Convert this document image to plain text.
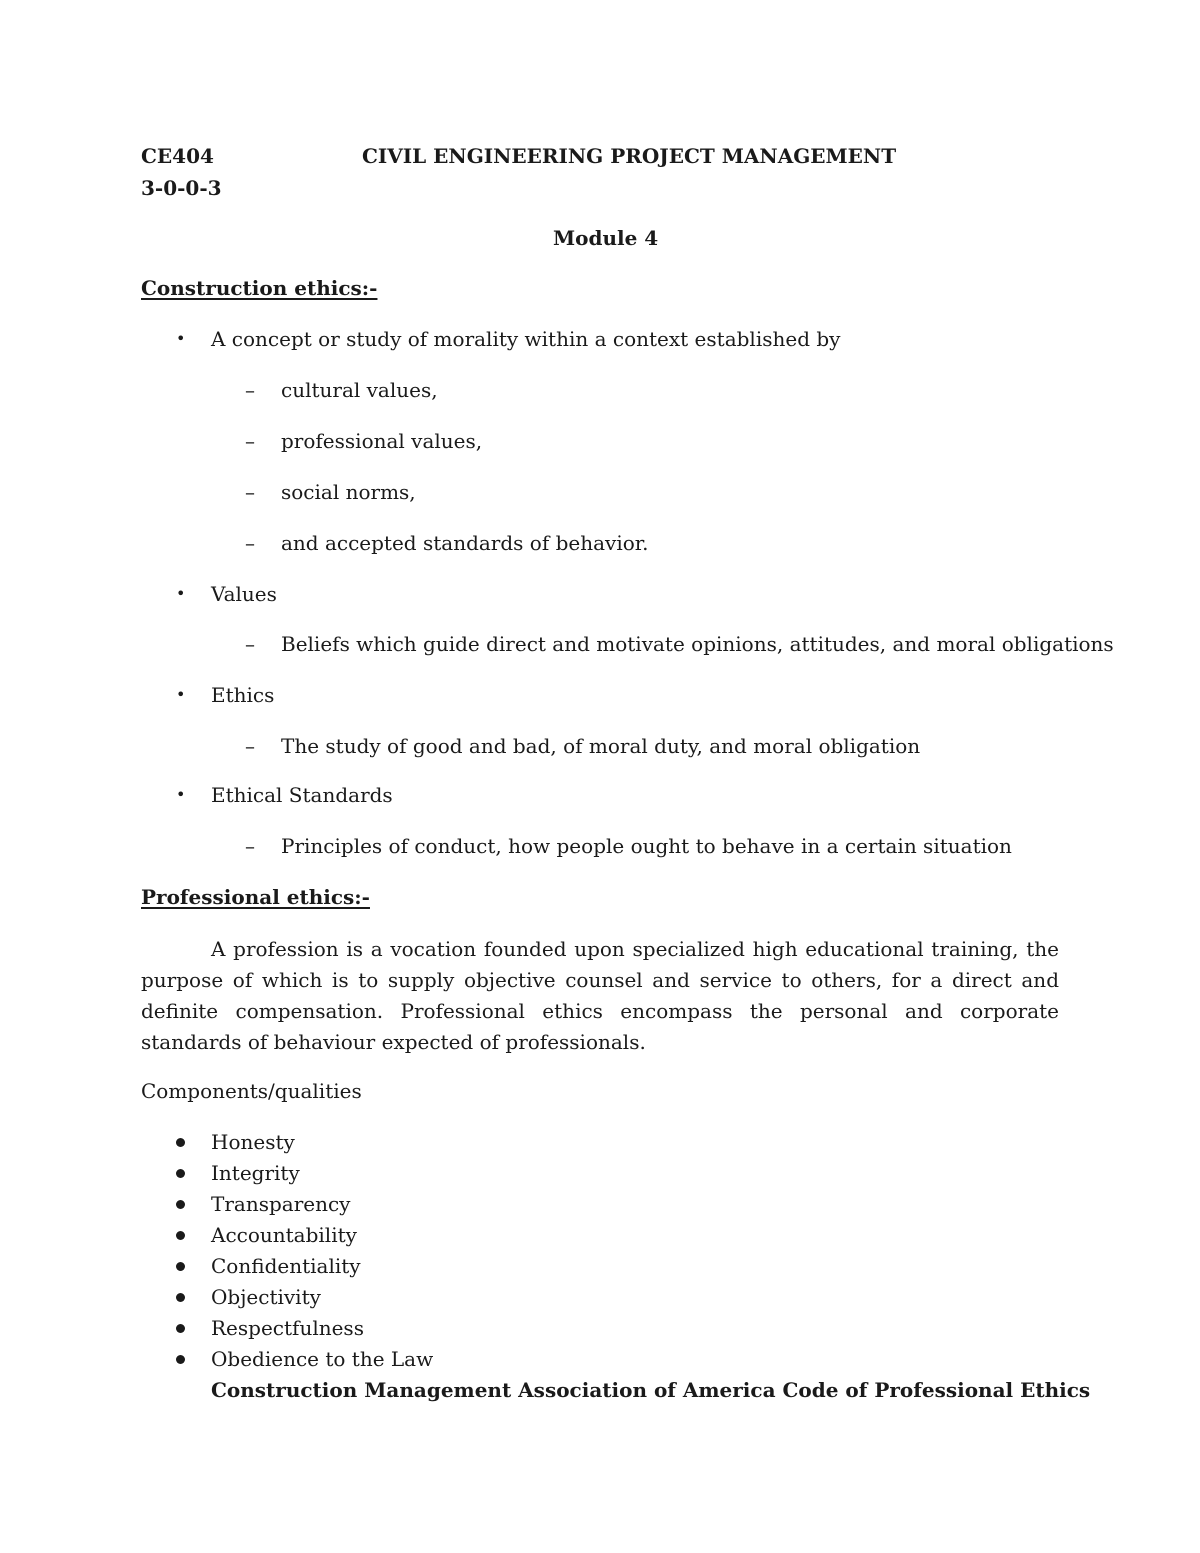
CE404	CIVIL ENGINEERING PROJECT MANAGEMENT
3-0-0-3
Module 4
Construction ethics:-
• A concept or study of morality within a context established by
– cultural values,
– professional values,
– social norms,
– and accepted standards of behavior.
• Values
– Beliefs which guide direct and motivate opinions, attitudes, and moral obligations
• Ethics
– The study of good and bad, of moral duty, and moral obligation
• Ethical Standards
– Principles of conduct, how people ought to behave in a certain situation
Professional ethics:-
A profession is a vocation founded upon specialized high educational training, the purpose of which is to supply objective counsel and service to others, for a direct and definite compensation. Professional ethics encompass the personal and corporate standards of behaviour expected of professionals.
Components/qualities
Honesty
Integrity
Transparency
Accountability
Confidentiality
Objectivity
Respectfulness
Obedience to the Law
Construction Management Association of America Code of Professional Ethics
